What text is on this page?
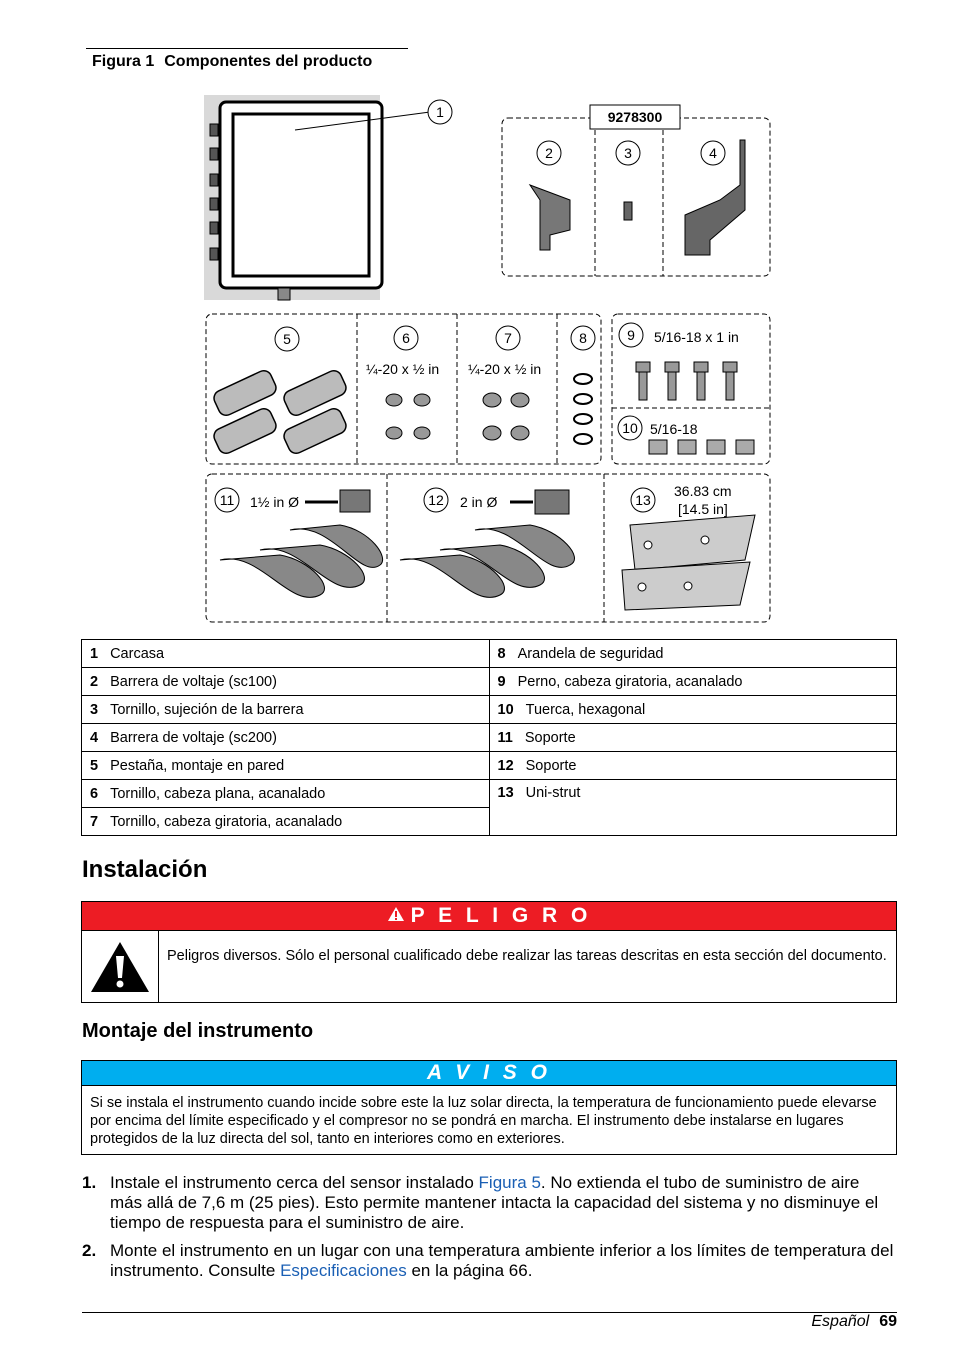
Figura 1 Componentes del producto
1	9278300
2	3	4
5	6
¼-20 x ½ in
7
¼-20 x ½ in
8	9 5/16-18 x 1 in
10 5/16-18
11 1½ in Ø	12 2 in Ø	13
36.83 cm
[14.5 in]
1 Carcasa	8 Arandela de seguridad
2 Barrera de voltaje (sc100)	9 Perno, cabeza giratoria, acanalado
3 Tornillo, sujeción de la barrera	10 Tuerca, hexagonal
4 Barrera de voltaje (sc200)	11 Soporte
5 Pestaña, montaje en pared	12 Soporte
6 Tornillo, cabeza plana, acanalado	13 Uni-strut
7 Tornillo, cabeza giratoria, acanalado	
Instalación
P E L I G R O
Peligros diversos. Sólo el personal cualificado debe realizar las tareas descritas en esta sección del documento.
Montaje del instrumento
A V I S O
Si se instala el instrumento cuando incide sobre este la luz solar directa, la temperatura de funcionamiento puede elevarse por encima del límite especificado y el compresor no se pondrá en marcha. El instrumento debe instalarse en lugares protegidos de la luz directa del sol, tanto en interiores como en exteriores.
1. Instale el instrumento cerca del sensor instalado Figura 5. No extienda el tubo de suministro de aire más allá de 7,6 m (25 pies). Esto permite mantener intacta la capacidad del sistema y no disminuye el tiempo de respuesta para el suministro de aire.
2. Monte el instrumento en un lugar con una temperatura ambiente inferior a los límites de temperatura del instrumento. Consulte Especificaciones en la página 66.
Español 69
